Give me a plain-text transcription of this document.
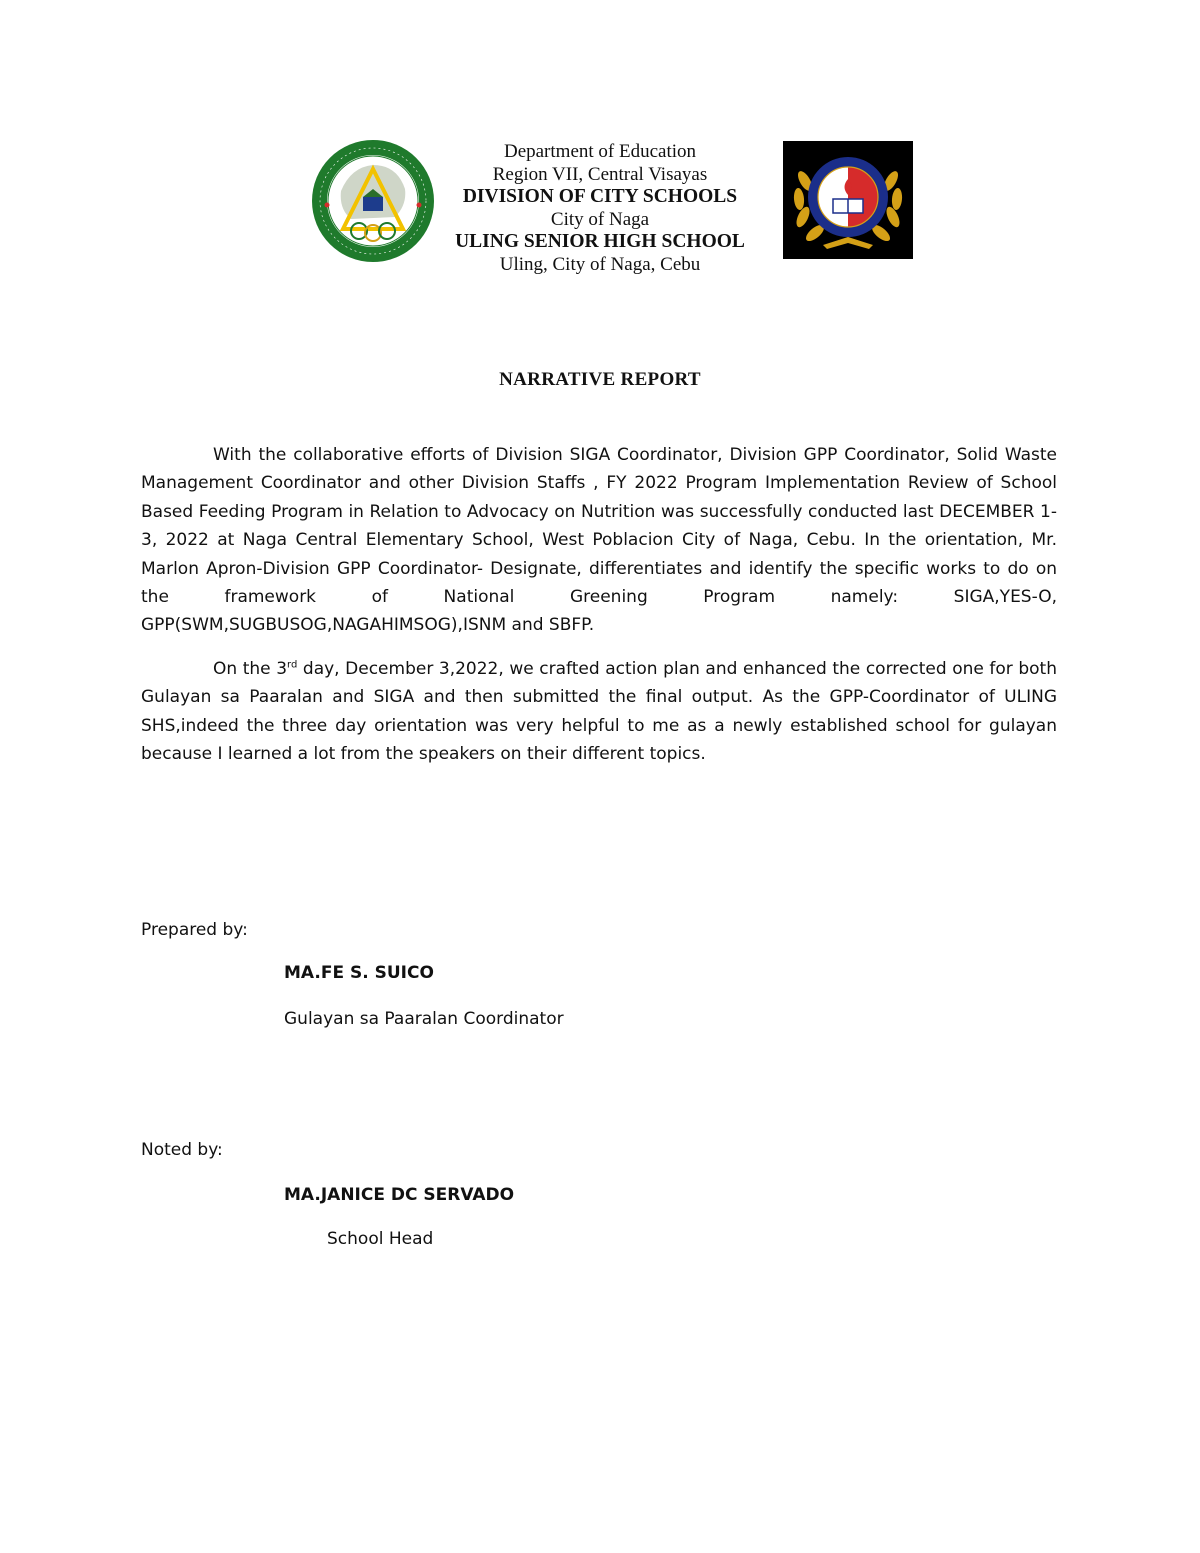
Department of Education
Region VII, Central Visayas
DIVISION OF CITY SCHOOLS
City of Naga
ULING SENIOR HIGH SCHOOL
Uling, City of Naga, Cebu
NARRATIVE REPORT
With the collaborative efforts of Division SIGA Coordinator, Division GPP Coordinator, Solid Waste Management Coordinator and other Division Staffs , FY 2022 Program Implementation Review of School Based Feeding Program in Relation to Advocacy on Nutrition was successfully conducted last DECEMBER 1-3, 2022 at Naga Central Elementary School, West Poblacion City of Naga, Cebu. In the orientation, Mr. Marlon Apron-Division GPP Coordinator- Designate, differentiates and identify the specific works to do on the framework of National Greening Program namely: SIGA,YES-O, GPP(SWM,SUGBUSOG,NAGAHIMSOG),ISNM and SBFP.
On the 3rd day, December 3,2022, we crafted action plan and enhanced the corrected one for both Gulayan sa Paaralan and SIGA and then submitted the final output. As the GPP-Coordinator of ULING SHS,indeed the three day orientation was very helpful to me as a newly established school for gulayan because I learned a lot from the speakers on their different topics.
Prepared by:
MA.FE S. SUICO
Gulayan sa Paaralan Coordinator
Noted by:
MA.JANICE DC SERVADO
School Head
